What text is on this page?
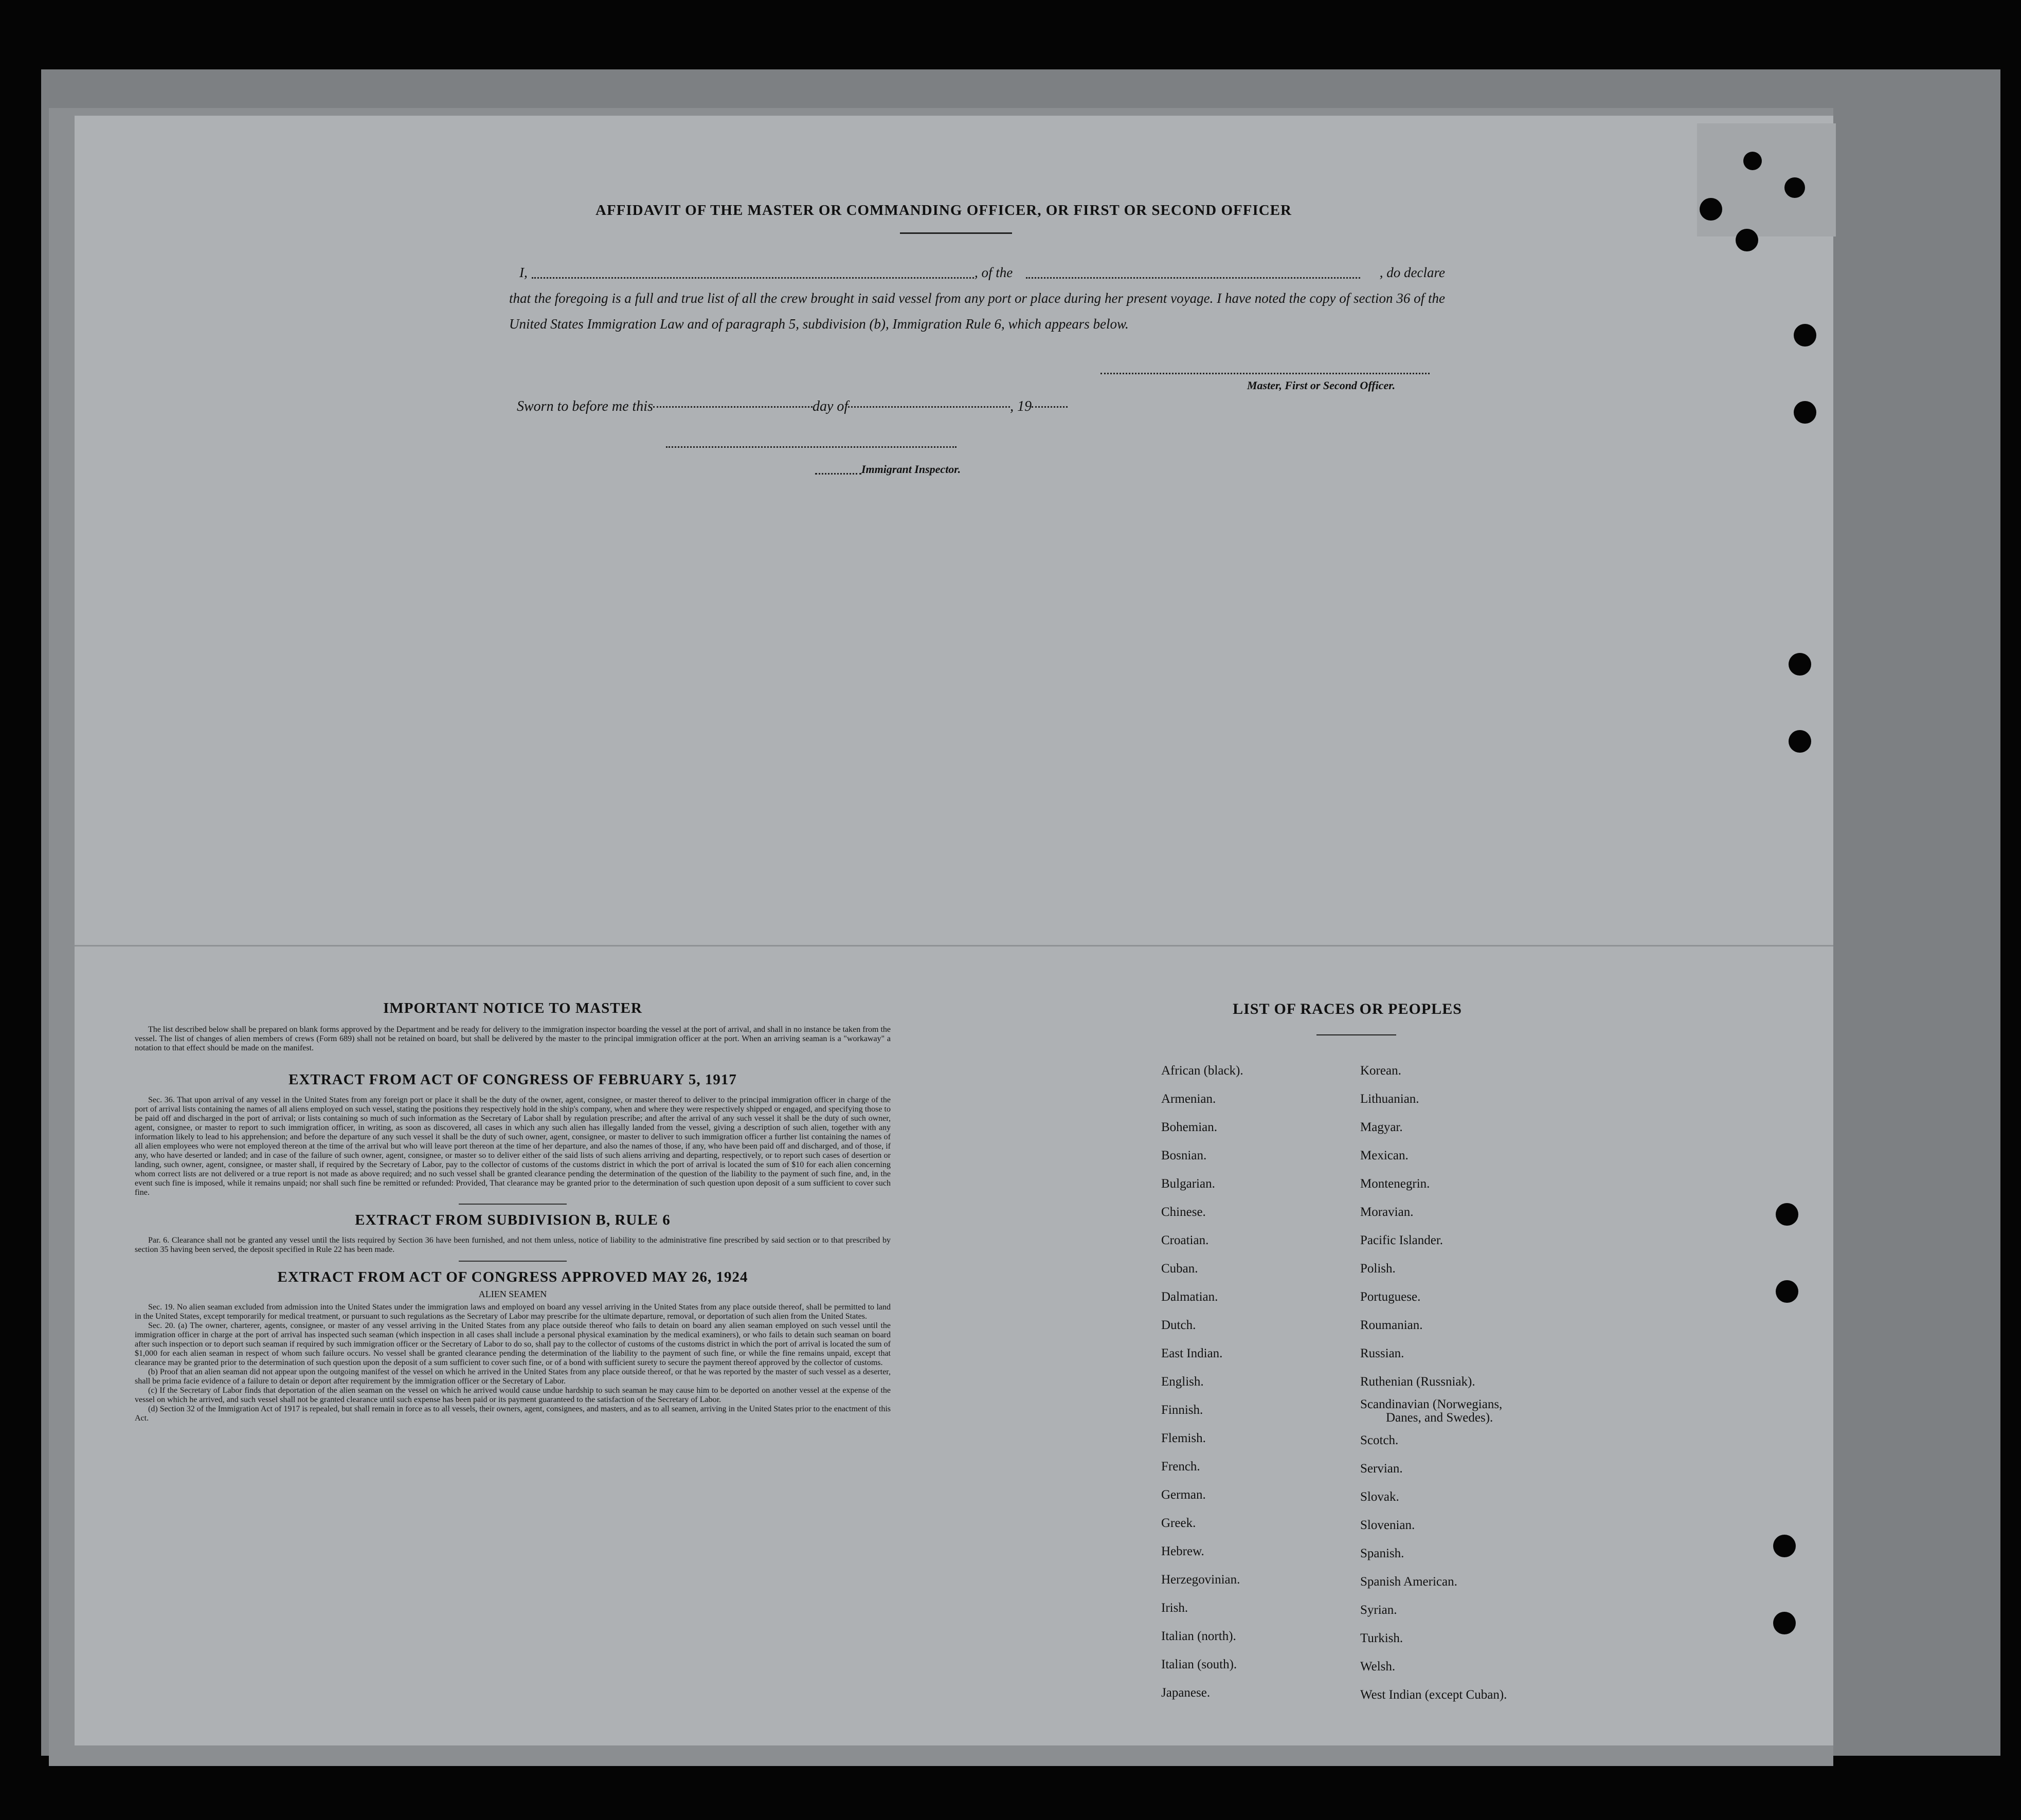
AFFIDAVIT OF THE MASTER OR COMMANDING OFFICER, OR FIRST OR SECOND OFFICER
I,	, of the	, do declare
that the foregoing is a full and true list of all the crew brought in said vessel from any port or place during her present voyage. I have noted the copy of section 36 of the United States Immigration Law and of paragraph 5, subdivision (b), Immigration Rule 6, which appears below.
Master, First or Second Officer.
Sworn to before me this	day of	, 19
Immigrant Inspector.
IMPORTANT NOTICE TO MASTER

The list described below shall be prepared on blank forms approved by the Department and be ready for delivery to the immigration inspector boarding the vessel at the port of arrival, and shall in no instance be taken from the vessel. The list of changes of alien members of crews (Form 689) shall not be retained on board, but shall be delivered by the master to the principal immigration officer at the port. When an arriving seaman is a "workaway" a notation to that effect should be made on the manifest.

EXTRACT FROM ACT OF CONGRESS OF FEBRUARY 5, 1917

Sec. 36. That upon arrival of any vessel in the United States from any foreign port or place it shall be the duty of the owner, agent, consignee, or master thereof to deliver to the principal immigration officer in charge of the port of arrival lists containing the names of all aliens employed on such vessel, stating the positions they respectively hold in the ship's company, when and where they were respectively shipped or engaged, and specifying those to be paid off and discharged in the port of arrival; or lists containing so much of such information as the Secretary of Labor shall by regulation prescribe; and after the arrival of any such vessel it shall be the duty of such owner, agent, consignee, or master to report to such immigration officer, in writing, as soon as discovered, all cases in which any such alien has illegally landed from the vessel, giving a description of such alien, together with any information likely to lead to his apprehension; and before the departure of any such vessel it shall be the duty of such owner, agent, consignee, or master to deliver to such immigration officer a further list containing the names of all alien employees who were not employed thereon at the time of the arrival but who will leave port thereon at the time of her departure, and also the names of those, if any, who have been paid off and discharged, and of those, if any, who have deserted or landed; and in case of the failure of such owner, agent, consignee, or master so to deliver either of the said lists of such aliens arriving and departing, respectively, or to report such cases of desertion or landing, such owner, agent, consignee, or master shall, if required by the Secretary of Labor, pay to the collector of customs of the customs district in which the port of arrival is located the sum of $10 for each alien concerning whom correct lists are not delivered or a true report is not made as above required; and no such vessel shall be granted clearance pending the determination of the question of the liability to the payment of such fine, and, in the event such fine is imposed, while it remains unpaid; nor shall such fine be remitted or refunded: Provided, That clearance may be granted prior to the determination of such question upon deposit of a sum sufficient to cover such fine.

EXTRACT FROM SUBDIVISION B, RULE 6

Par. 6. Clearance shall not be granted any vessel until the lists required by Section 36 have been furnished, and not them unless, notice of liability to the administrative fine prescribed by said section or to that prescribed by section 35 having been served, the deposit specified in Rule 22 has been made.

EXTRACT FROM ACT OF CONGRESS APPROVED MAY 26, 1924
ALIEN SEAMEN

Sec. 19. No alien seaman excluded from admission into the United States under the immigration laws and employed on board any vessel arriving in the United States from any place outside thereof, shall be permitted to land in the United States, except temporarily for medical treatment, or pursuant to such regulations as the Secretary of Labor may prescribe for the ultimate departure, removal, or deportation of such alien from the United States.

Sec. 20. (a) The owner, charterer, agents, consignee, or master of any vessel arriving in the United States from any place outside thereof who fails to detain on board any alien seaman employed on such vessel until the immigration officer in charge at the port of arrival has inspected such seaman (which inspection in all cases shall include a personal physical examination by the medical examiners), or who fails to detain such seaman on board after such inspection or to deport such seaman if required by such immigration officer or the Secretary of Labor to do so, shall pay to the collector of customs of the customs district in which the port of arrival is located the sum of $1,000 for each alien seaman in respect of whom such failure occurs. No vessel shall be granted clearance pending the determination of the liability to the payment of such fine, or while the fine remains unpaid, except that clearance may be granted prior to the determination of such question upon the deposit of a sum sufficient to cover such fine, or of a bond with sufficient surety to secure the payment thereof approved by the collector of customs.

(b) Proof that an alien seaman did not appear upon the outgoing manifest of the vessel on which he arrived in the United States from any place outside thereof, or that he was reported by the master of such vessel as a deserter, shall be prima facie evidence of a failure to detain or deport after requirement by the immigration officer or the Secretary of Labor.

(c) If the Secretary of Labor finds that deportation of the alien seaman on the vessel on which he arrived would cause undue hardship to such seaman he may cause him to be deported on another vessel at the expense of the vessel on which he arrived, and such vessel shall not be granted clearance until such expense has been paid or its payment guaranteed to the satisfaction of the Secretary of Labor.

(d) Section 32 of the Immigration Act of 1917 is repealed, but shall remain in force as to all vessels, their owners, agent, consignees, and masters, and as to all seamen, arriving in the United States prior to the enactment of this Act.

LIST OF RACES OR PEOPLES
African (black).
Armenian.
Bohemian.
Bosnian.
Bulgarian.
Chinese.
Croatian.
Cuban.
Dalmatian.
Dutch.
East Indian.
English.
Finnish.
Flemish.
French.
German.
Greek.
Hebrew.
Herzegovinian.
Irish.
Italian (north).
Italian (south).
Japanese.
Korean.
Lithuanian.
Magyar.
Mexican.
Montenegrin.
Moravian.
Pacific Islander.
Polish.
Portuguese.
Roumanian.
Russian.
Ruthenian (Russniak).
Scandinavian (Norwegians,
Danes, and Swedes).
Scotch.
Servian.
Slovak.
Slovenian.
Spanish.
Spanish American.
Syrian.
Turkish.
Welsh.
West Indian (except Cuban).
